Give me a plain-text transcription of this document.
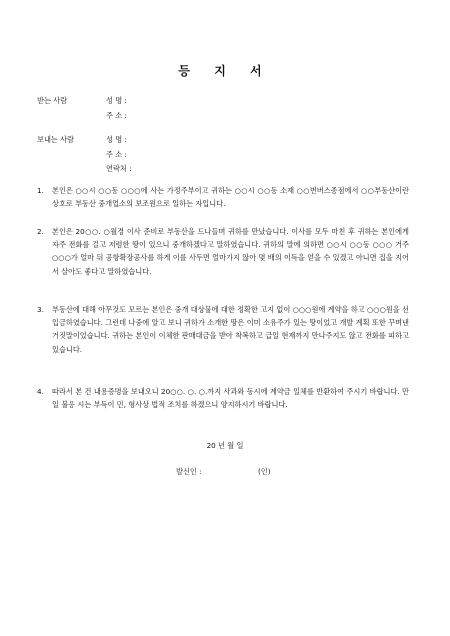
등 지 서
받는 사람	성 명 :
주 소 :
보내는 사람	성 명 :
주 소 :
연락처 :
1.	본인은 ○○시 ○○동 ○○○에 사는 가정주부이고 귀하는 ○○시 ○○동 소재 ○○번버스종점에서 ○○부동산이란 상호로 부동산 중개업소의 보조원으로 일하는 자입니다.
2.	본인은 20○○. ○월경 이사 준비로 부동산을 드나들며 귀하를 만났습니다. 이사를 모두 마친 후 귀하는 본인에게 자주 전화를 걸고 저렴한 땅이 있으니 중개하겠다고 말하였습니다. 귀하의 말에 의하면 ○○시 ○○동 ○○○ 거주 ○○○가 얼마 뒤 공항확장공사를 하게 이를 사두면 얼마가지 않아 몇 배의 이득을 얻을 수 있겠고 아니면 집을 지어서 살아도 좋다고 말하였습니다.
3.	부동산에 대해 아무것도 모르는 본인은 중개 대상물에 대한 정확한 고지 없이 ○○○원에 계약을 하고 ○○○원을 선입금하였습니다. 그런데 나중에 알고 보니 귀하가 소개한 땅은 이미 소유주가 있는 땅이었고 개발 계획 또한 꾸며낸 거짓말이었습니다. 귀하는 본인이 이체한 판매대금을 받아 착복하고 급일 현재까지 만나주지도 않고 전화를 피하고 있습니다.
4.	따라서 본 건 내용증명을 보내오니 20○○. ○. ○.까지 사과와 동시에 계약금 일체를 반환하여 주시기 바랍니다. 만일 불응 시는 부득이 민, 형사상 법적 조치를 하겠으니 양지하시기 바랍니다.
20 년 월 일
발신인 :	(인)
